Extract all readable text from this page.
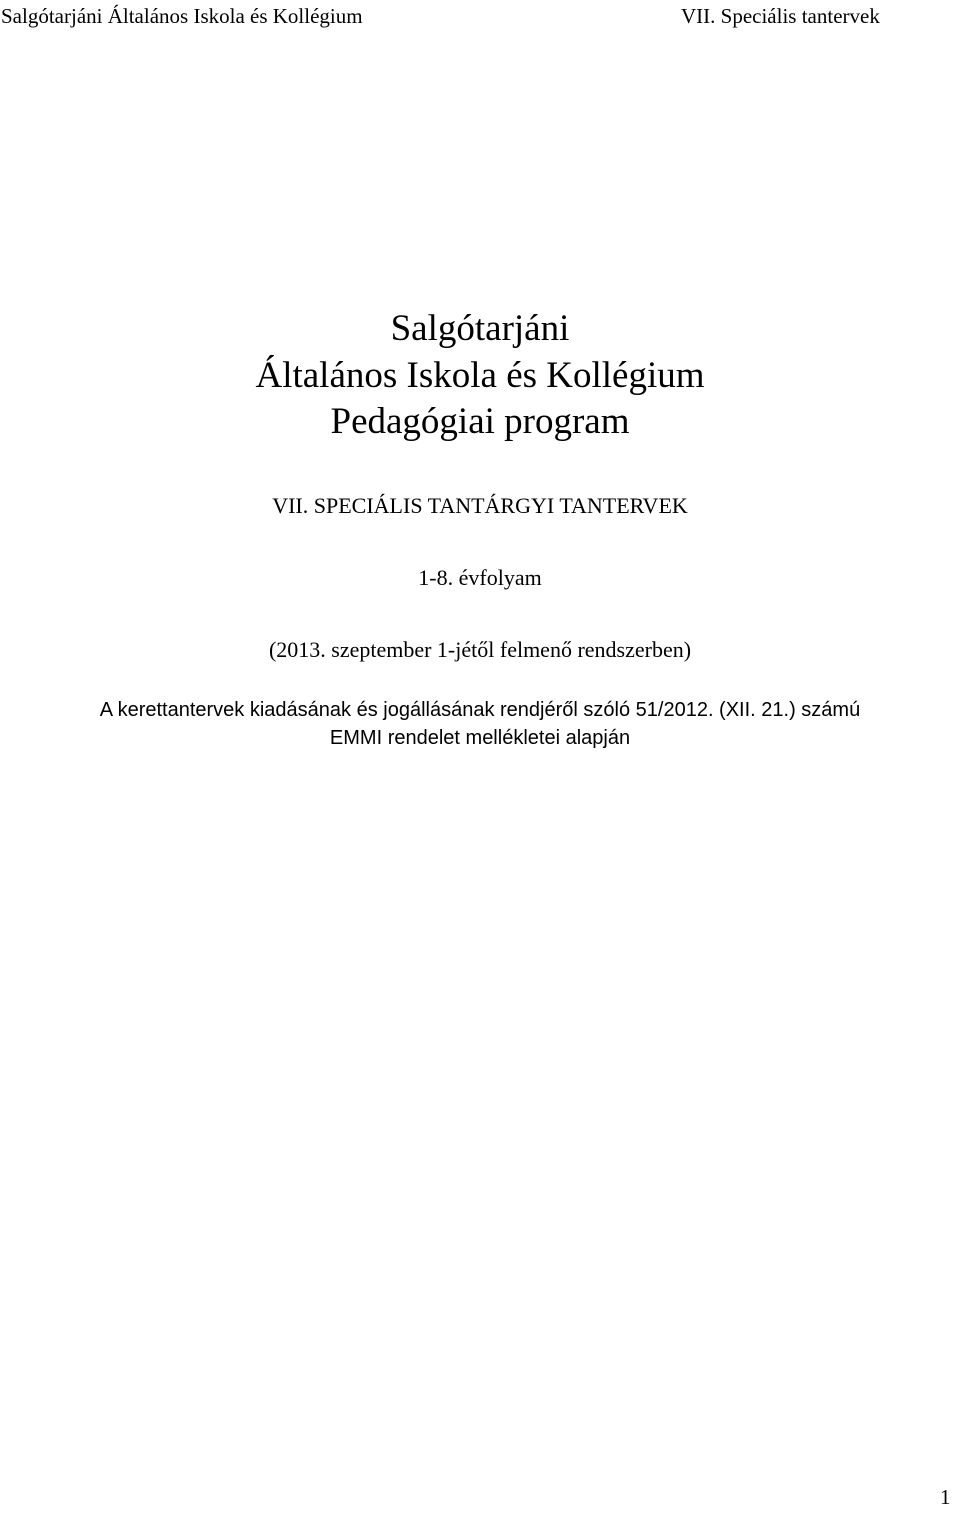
Salgótarjáni Általános Iskola és Kollégium	VII. Speciális tantervek
Salgótarjáni
Általános Iskola és Kollégium
Pedagógiai program
VII. SPECIÁLIS TANTÁRGYI TANTERVEK
1-8. évfolyam
(2013. szeptember 1-jétől felmenő rendszerben)
A kerettantervek kiadásának és jogállásának rendjéről szóló 51/2012. (XII. 21.) számú
EMMI rendelet mellékletei alapján
1
